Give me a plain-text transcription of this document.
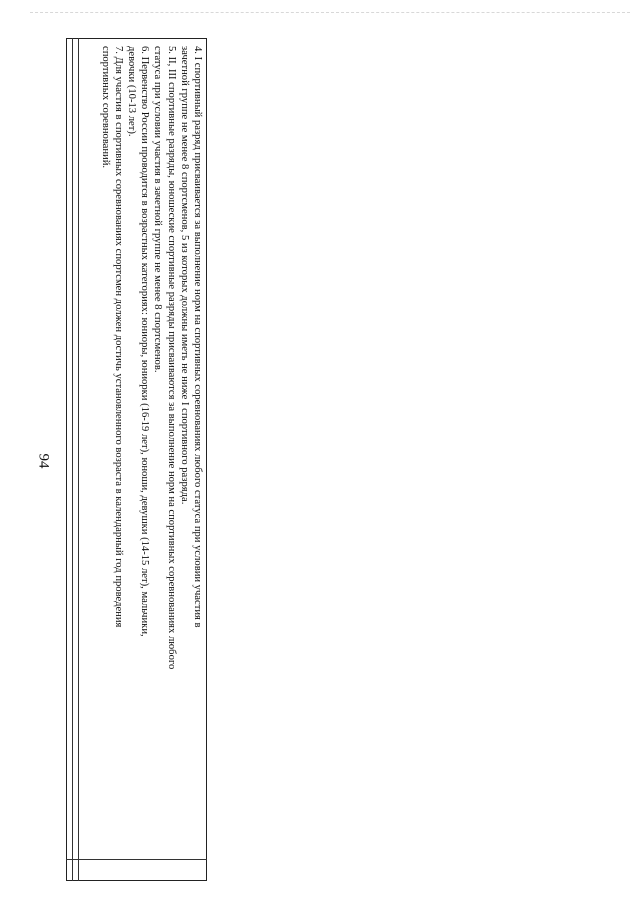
94	4. I спортивный разряд присваивается за выполнение норм на спортивных соревнованиях любого статуса при условии участия в

зачетной группе не менее 8 спортсменов, 5 из которых должны иметь не ниже I спортивного разряда.

5. II, III спортивные разряды, юношеские спортивные разряды присваиваются за выполнение норм на спортивных соревнованиях любого

статуса при условии участия в зачетной группе не менее 8 спортсменов.

6. Первенство России проводится в возрастных категориях: юниоры, юниорки (16-19 лет), юноши, девушки (14-15 лет), мальчики,

девочки (10-13 лет).

7. Для участия в спортивных соревнованиях спортсмен должен достичь установленного возраста в календарный год проведения

спортивных соревнований.
